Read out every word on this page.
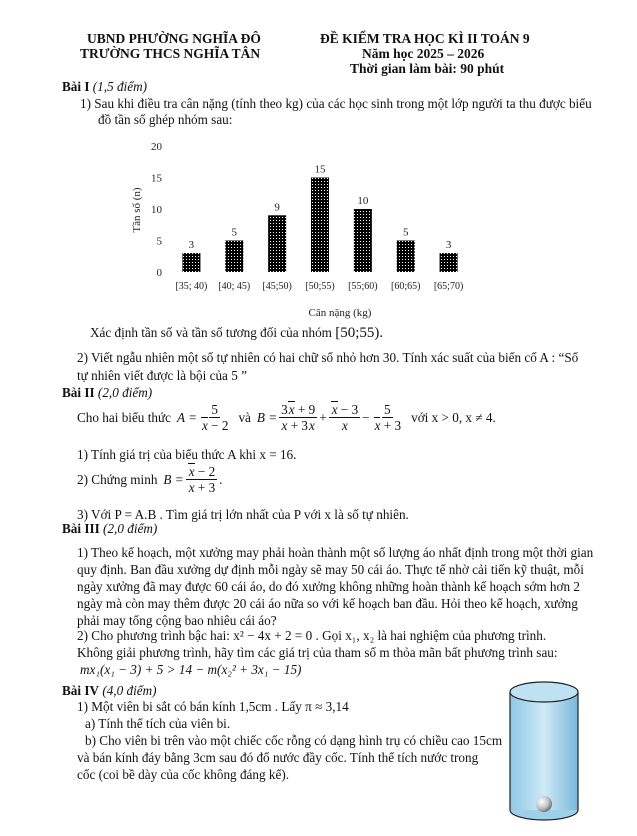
UBND PHƯỜNG NGHĨA ĐÔ
TRƯỜNG THCS NGHĨA TÂN
ĐỀ KIỂM TRA HỌC KÌ II TOÁN 9
Năm học 2025 – 2026
Thời gian làm bài: 90 phút
Bài I (1,5 điểm)
1) Sau khi điều tra cân nặng (tính theo kg) của các học sinh trong một lớp người ta thu được biểu
đồ tần số ghép nhóm sau:
0
5
10
15
20
3
5
9
15
10
5
3
[35; 40) [40; 45) [45;50) [50;55) [55;60) [60;65) [65;70)
Tần số (n)
Cân nặng (kg)
Xác định tần số và tần số tương đối của nhóm [50;55).
2) Viết ngẫu nhiên một số tự nhiên có hai chữ số nhỏ hơn 30. Tính xác suất của biến cố A : “Số
tự nhiên viết được là bội của 5 ”
Bài II (2,0 điểm)
Cho hai biểu thức $A = \frac{5}{x - 2}$ và $B = \frac{3x + 9}{x + 3x} + \frac{x - 3}{x} - \frac{5}{x + 3}$ với x > 0, x ≠ 4.
1) Tính giá trị của biểu thức A khi x = 16.
2) Chứng minh $B = \frac{x - 2}{x + 3}$ .
3) Với P = A.B . Tìm giá trị lớn nhất của P với x là số tự nhiên.
Bài III (2,0 điểm)
1) Theo kế hoạch, một xưởng may phải hoàn thành một số lượng áo nhất định trong một thời gian
quy định. Ban đầu xưởng dự định mỗi ngày sẽ may 50 cái áo. Thực tế nhờ cải tiến kỹ thuật, mỗi
ngày xưởng đã may được 60 cái áo, do đó xưởng không những hoàn thành kế hoạch sớm hơn 2
ngày mà còn may thêm được 20 cái áo nữa so với kế hoạch ban đầu. Hỏi theo kế hoạch, xưởng
phải may tổng cộng bao nhiêu cái áo?
2) Cho phương trình bậc hai: x² − 4x + 2 = 0 . Gọi x₁, x₂ là hai nghiệm của phương trình.
Không giải phương trình, hãy tìm các giá trị của tham số m thỏa mãn bất phương trình sau:
mx₁(x₁ − 3) + 5 > 14 − m(x₂² + 3x₁ − 15)
Bài IV (4,0 điểm)
1) Một viên bi sắt có bán kính 1,5cm . Lấy π ≈ 3,14
a) Tính thể tích của viên bi.
b) Cho viên bi trên vào một chiếc cốc rỗng có dạng hình trụ có chiều cao 15cm
và bán kính đáy bằng 3cm sau đó đổ nước đầy cốc. Tính thể tích nước trong
cốc (coi bề dày của cốc không đáng kể).
